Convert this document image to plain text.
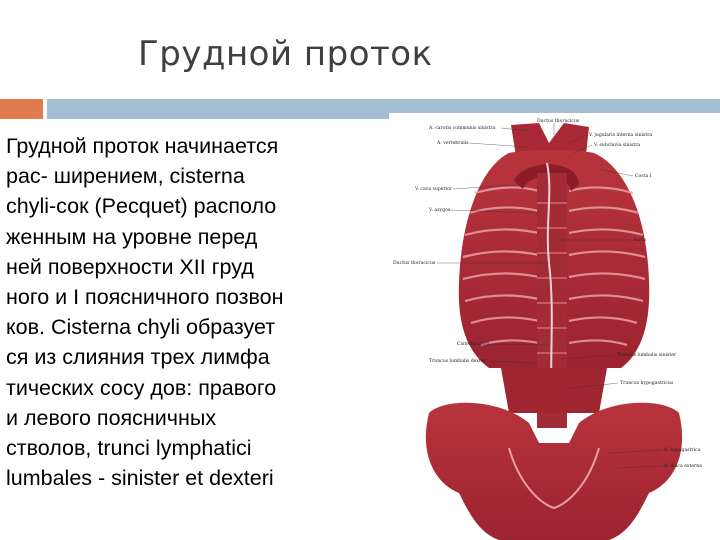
Грудной проток
Грудной проток начинается
рас- ширением, cisterna
chyli-сок (Pecquet) располо
женным на уровне перед
ней поверхности XII груд
ного и I поясничного позвон
ков. Cisterna chyli образует
ся из слияния трех лимфа
тических сосу дов: правого
и левого поясничных
стволов, trunci lymphatici
lumbales - sinister et dexteri
Ductus thoracicus
A. carotis communis sinistra
A. vertebralis
V. cava superior
V. azygos
Ductus thoracicus
Cisterna chyli
Truncus lumbalis dexter
V. jugularis interna sinistra
V. subclavia sinistra
Costa I
Aorta
Truncus lumbalis sinister
Truncus hypogastricus
A. hypogastrica
A. iliaca externa
